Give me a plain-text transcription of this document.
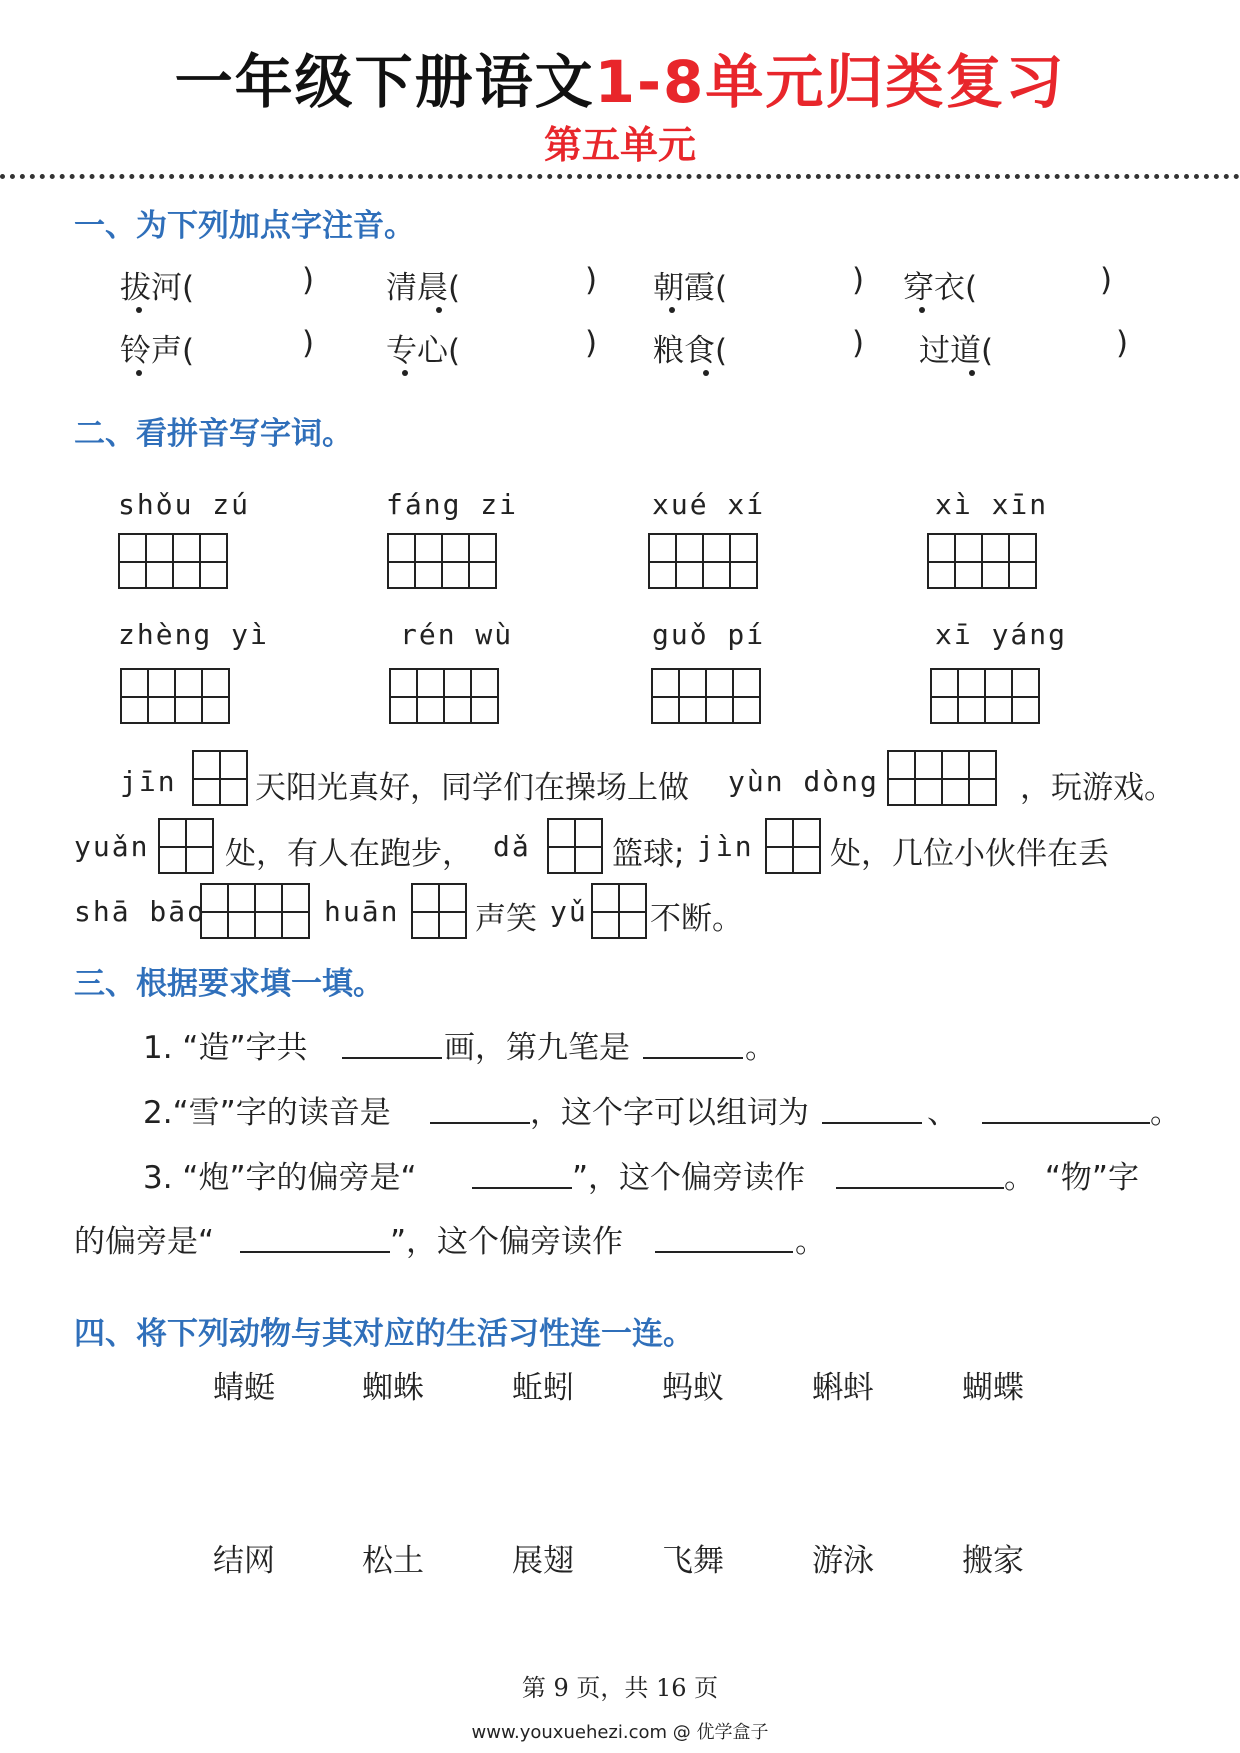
一年级下册语文1-8单元归类复习
第五单元
一、为下列加点字注音。
拔河(	) 清晨(	) 朝霞(	) 穿衣(	)
铃声(	) 专心(	) 粮食(	) 过道(	)
二、看拼音写字词。
shǒu zú	fáng zi	xué xí	xì xīn
zhèng yì	rén wù	guǒ pí	xī yáng
jīn	天阳光真好，同学们在操场上做 yùn dòng	，玩游戏。
yuǎn 处，有人在跑步， dǎ	篮球; jìn 处，几位小伙伴在丢
shā bāo	huān 声笑 yǔ 不断。
三、根据要求填一填。
1. “造”字共	画，第九笔是	。
2.“雪”字的读音是	，这个字可以组词为	、	。
3. “炮”字的偏旁是“	”，这个偏旁读作	。 “物”字
的偏旁是“	”，这个偏旁读作	。
四、将下列动物与其对应的生活习性连一连。
蜻蜓	蜘蛛	蚯蚓	蚂蚁	蝌蚪	蝴蝶
结网	松土	展翅	飞舞	游泳	搬家
第 9 页，共 16 页
www.youxuehezi.com @ 优学盒子
